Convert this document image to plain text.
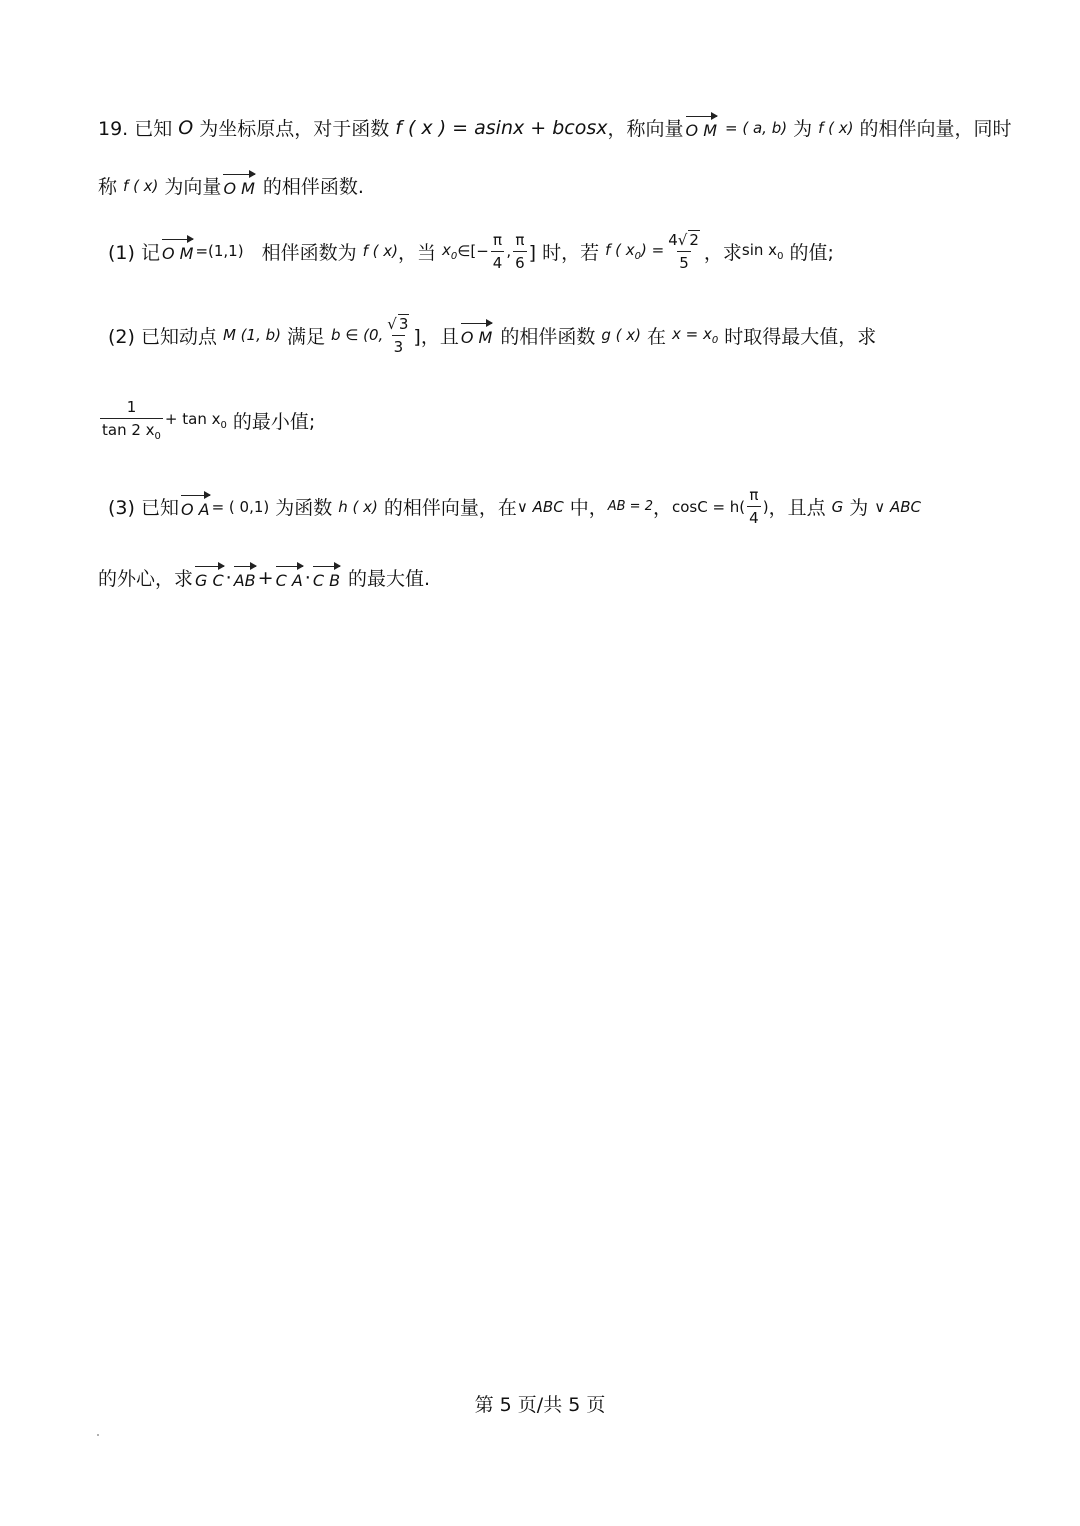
19. 已知 O 为坐标原点，对于函数 f ( x ) = asinx + bcosx ，称向量 O M = ( a, b) 为 f ( x) 的相伴向量，同时
称 f ( x) 为向量 O M 的相伴函数.
(1) 记 O M =(1,1) 相伴函数为 f ( x) ，当 $x_0$ ∈[− $\frac{\pi}{4}$ , $\frac{\pi}{6}$ ] 时，若 f ( $x_0) = \frac{4√ 2}{5}$ ，求 $\sin x_0$ 的值;
(2) 已知动点 M (1, b) 满足 b ∈ (0, $\frac{√ 3}{3}$ ]，且 O M 的相伴函数 g ( x) 在 $x = x_0$ 时取得最大值，求
$\frac{1}{\tan 2 x_0} + \tan x_0$ 的最小值;
(3) 已知 O A = ( 0,1) 为函数 h ( x) 的相伴向量，在 ∨ ABC 中， AB = 2 ， $\cos C = h( \frac{\pi}{4}$ ) ，且点 G 为 ∨ ABC
的外心，求 G C · AB + C A · C B 的最大值.
第 5 页/共 5 页
